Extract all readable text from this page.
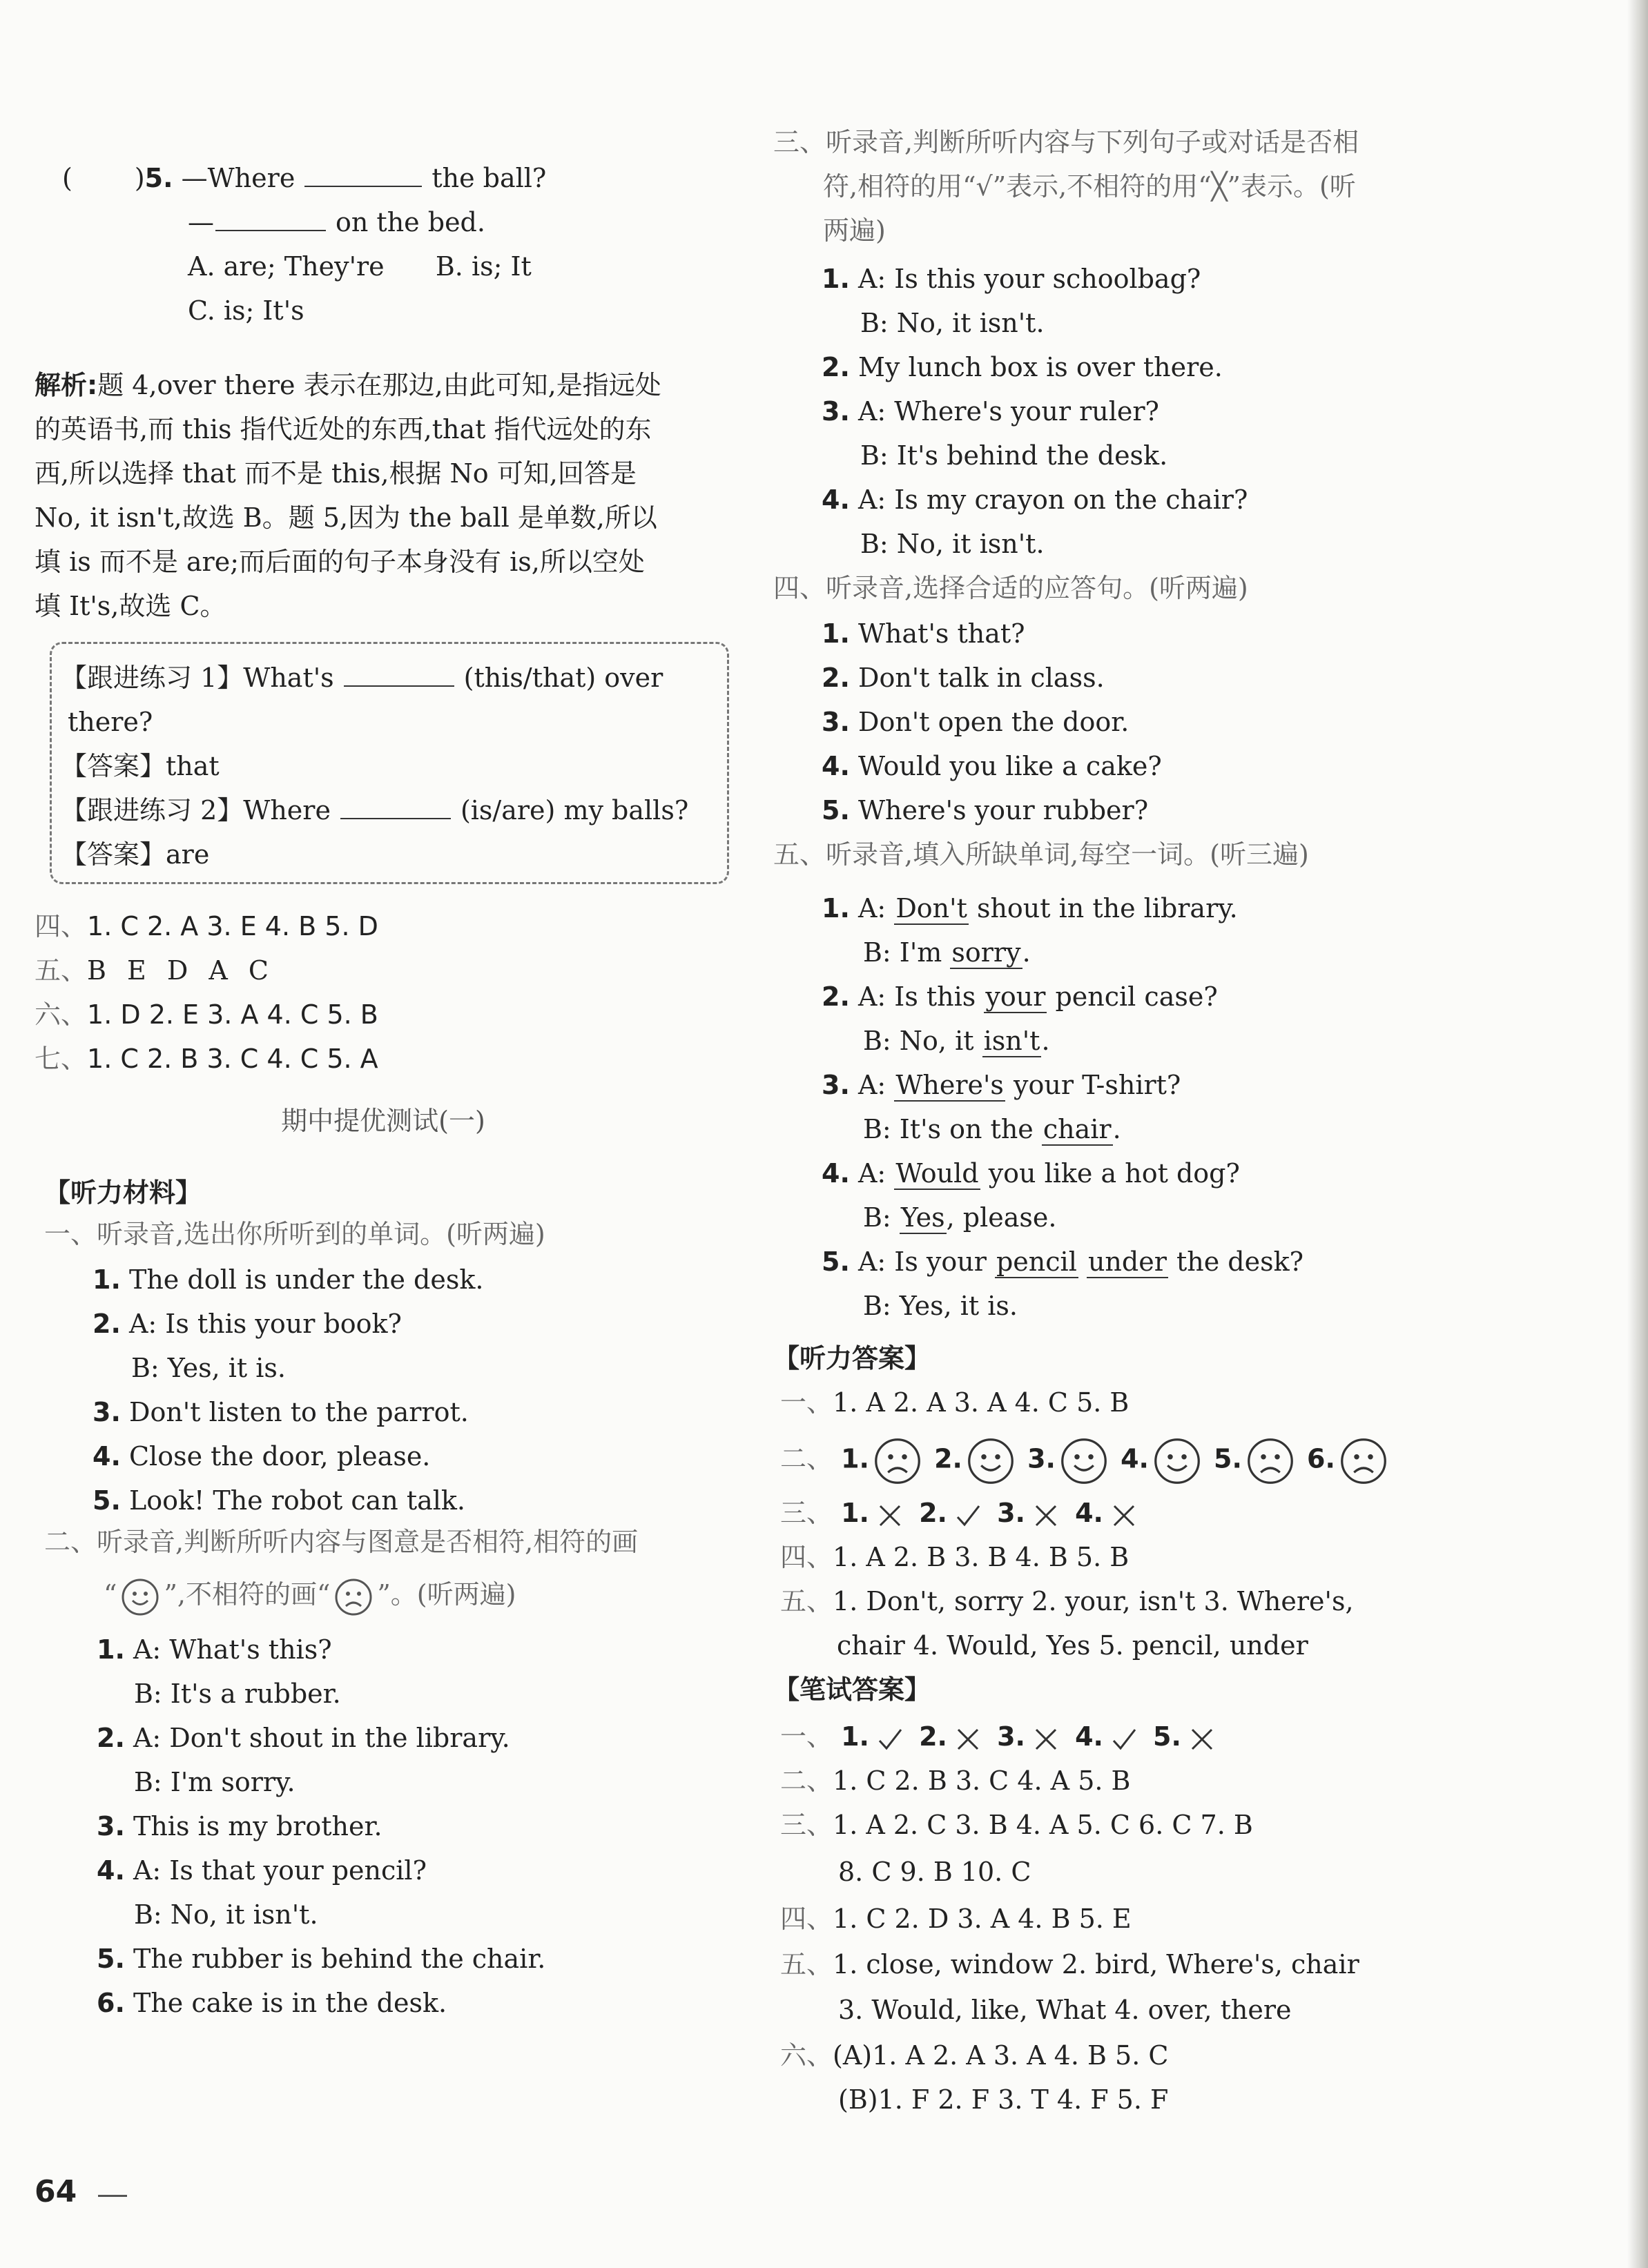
( )5. —Where	the ball?
—	on the bed.
A. are; They're B. is; It
C. is; It's
解析:题 4,over there 表示在那边,由此可知,是指远处
的英语书,而 this 指代近处的东西,that 指代远处的东
西,所以选择 that 而不是 this,根据 No 可知,回答是
No, it isn't,故选 B。题 5,因为 the ball 是单数,所以
填 is 而不是 are;而后面的句子本身没有 is,所以空处
填 It's,故选 C。
【跟进练习 1】What's	(this/that) over
there?
【答案】that
【跟进练习 2】Where	(is/are) my balls?
【答案】are
四、1. C 2. A 3. E 4. B 5. D
五、B E D A C
六、1. D 2. E 3. A 4. C 5. B
七、1. C 2. B 3. C 4. C 5. A
期中提优测试(一)
【听力材料】
一、听录音,选出你所听到的单词。(听两遍)
1. The doll is under the desk.
2. A: Is this your book?
B: Yes, it is.
3. Don't listen to the parrot.
4. Close the door, please.
5. Look! The robot can talk.
二、听录音,判断所听内容与图意是否相符,相符的画
“ ”,不相符的画“ ”。(听两遍)
1. A: What's this?
B: It's a rubber.
2. A: Don't shout in the library.
B: I'm sorry.
3. This is my brother.
4. A: Is that your pencil?
B: No, it isn't.
5. The rubber is behind the chair.
6. The cake is in the desk.
64
三、听录音,判断所听内容与下列句子或对话是否相
符,相符的用“√”表示,不相符的用“╳”表示。(听
两遍)
1. A: Is this your schoolbag?
B: No, it isn't.
2. My lunch box is over there.
3. A: Where's your ruler?
B: It's behind the desk.
4. A: Is my crayon on the chair?
B: No, it isn't.
四、听录音,选择合适的应答句。(听两遍)
1. What's that?
2. Don't talk in class.
3. Don't open the door.
4. Would you like a cake?
5. Where's your rubber?
五、听录音,填入所缺单词,每空一词。(听三遍)
1. A: Don't shout in the library.
B: I'm sorry.
2. A: Is this your pencil case?
B: No, it isn't.
3. A: Where's your T-shirt?
B: It's on the chair.
4. A: Would you like a hot dog?
B: Yes, please.
5. A: Is your pencil under the desk?
B: Yes, it is.
【听力答案】
一、1. A 2. A 3. A 4. C 5. B
二、 1. 2. 3. 4. 5. 6.
三、 1. 2. 3. 4.
四、1. A 2. B 3. B 4. B 5. B
五、1. Don't, sorry 2. your, isn't 3. Where's,
chair 4. Would, Yes 5. pencil, under
【笔试答案】
一、 1. 2. 3. 4. 5.
二、1. C 2. B 3. C 4. A 5. B
三、1. A 2. C 3. B 4. A 5. C 6. C 7. B
8. C 9. B 10. C
四、1. C 2. D 3. A 4. B 5. E
五、1. close, window 2. bird, Where's, chair
3. Would, like, What 4. over, there
六、(A)1. A 2. A 3. A 4. B 5. C
(B)1. F 2. F 3. T 4. F 5. F
